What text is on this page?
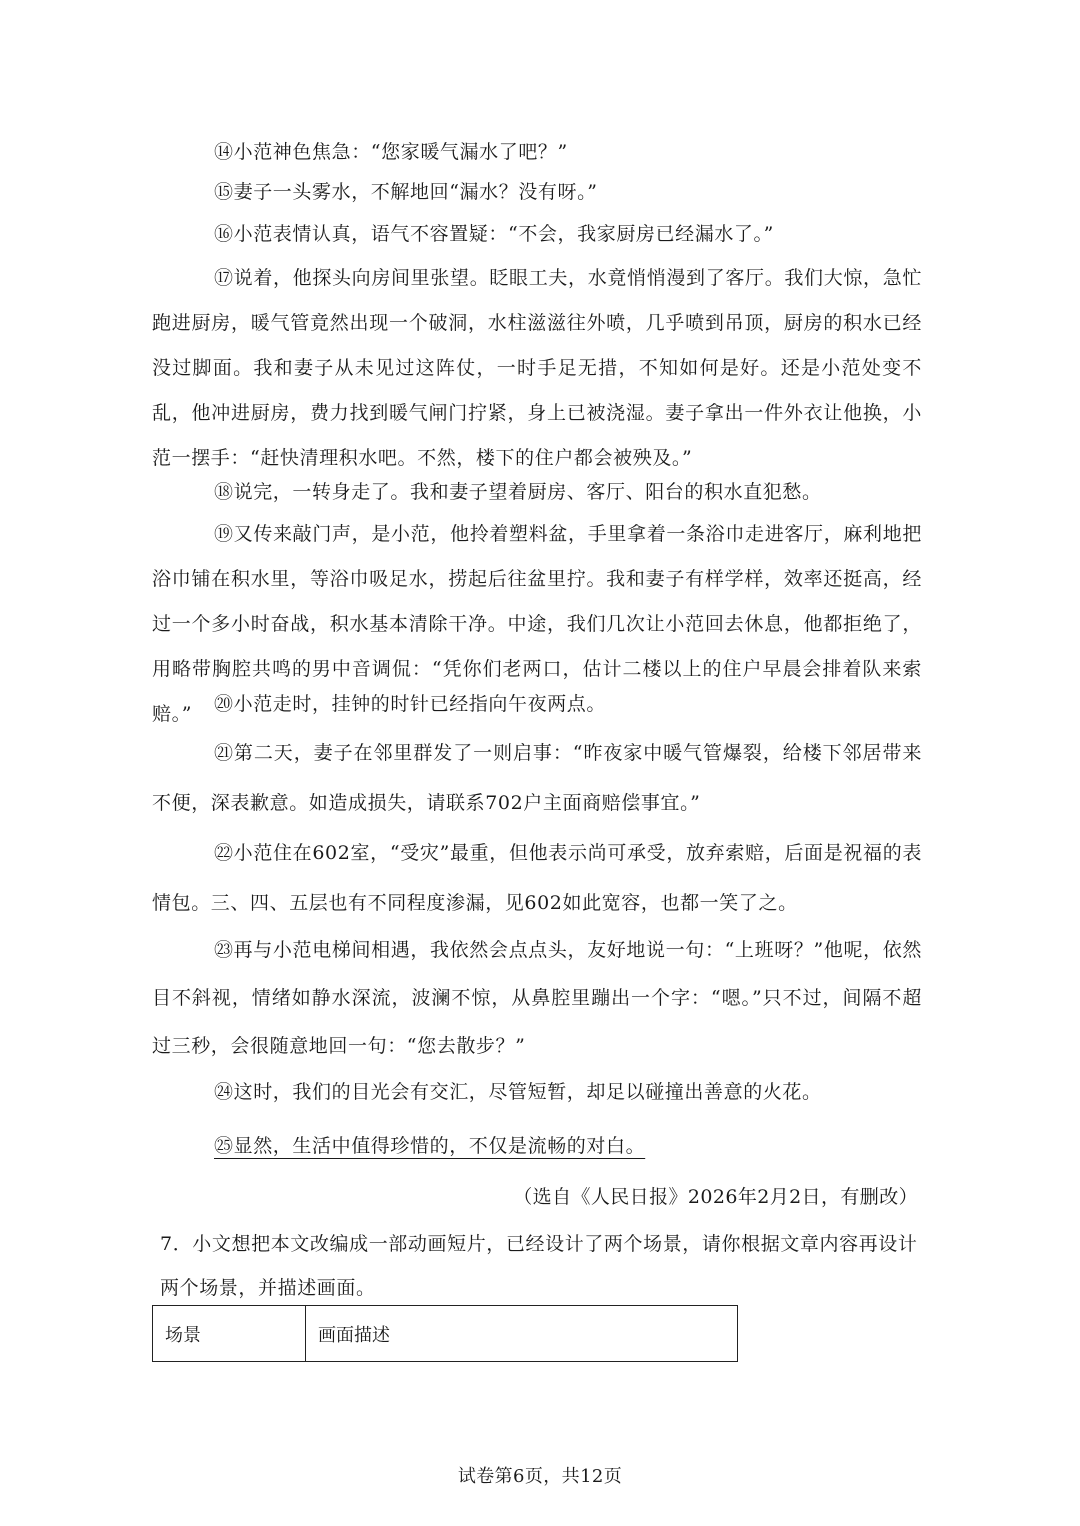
⑭小范神色焦急：“您家暖气漏水了吧？”

⑮妻子一头雾水，不解地回“漏水？没有呀。”

⑯小范表情认真，语气不容置疑：“不会，我家厨房已经漏水了。”

⑰说着，他探头向房间里张望。眨眼工夫，水竟悄悄漫到了客厅。我们大惊，急忙跑进厨房，暖气管竟然出现一个破洞，水柱滋滋往外喷，几乎喷到吊顶，厨房的积水已经没过脚面。我和妻子从未见过这阵仗，一时手足无措，不知如何是好。还是小范处变不乱，他冲进厨房，费力找到暖气闸门拧紧，身上已被浇湿。妻子拿出一件外衣让他换，小范一摆手：“赶快清理积水吧。不然，楼下的住户都会被殃及。”

⑱说完，一转身走了。我和妻子望着厨房、客厅、阳台的积水直犯愁。

⑲又传来敲门声，是小范，他拎着塑料盆，手里拿着一条浴巾走进客厅，麻利地把浴巾铺在积水里，等浴巾吸足水，捞起后往盆里拧。我和妻子有样学样，效率还挺高，经过一个多小时奋战，积水基本清除干净。中途，我们几次让小范回去休息，他都拒绝了，用略带胸腔共鸣的男中音调侃：“凭你们老两口，估计二楼以上的住户早晨会排着队来索赔。”	⑳小范走时，挂钟的时针已经指向午夜两点。

㉑第二天，妻子在邻里群发了一则启事：“昨夜家中暖气管爆裂，给楼下邻居带来不便，深表歉意。如造成损失，请联系702户主面商赔偿事宜。”

㉒小范住在602室，“受灾”最重，但他表示尚可承受，放弃索赔，后面是祝福的表情包。三、四、五层也有不同程度渗漏，见602如此宽容，也都一笑了之。

㉓再与小范电梯间相遇，我依然会点点头，友好地说一句：“上班呀？”他呢，依然目不斜视，情绪如静水深流，波澜不惊，从鼻腔里蹦出一个字：“嗯。”只不过，间隔不超过三秒，会很随意地回一句：“您去散步？”

㉔这时，我们的目光会有交汇，尽管短暂，却足以碰撞出善意的火花。

㉕显然，生活中值得珍惜的，不仅是流畅的对白。

（选自《人民日报》2026年2月2日，有删改）

7．小文想把本文改编成一部动画短片，已经设计了两个场景，请你根据文章内容再设计两个场景，并描述画面。

场景	画面描述
试卷第6页，共12页
